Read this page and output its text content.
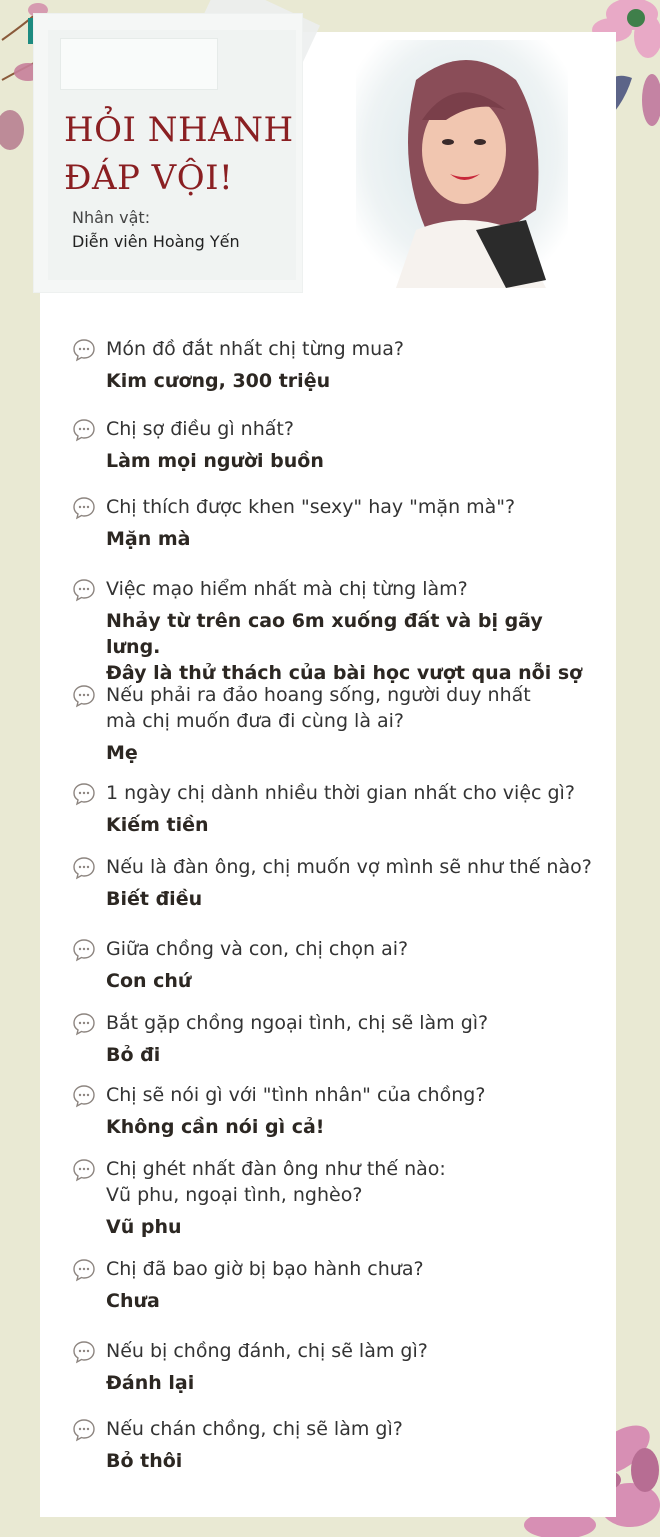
HỎI NHANH
ĐÁP VỘI!
Nhân vật:
Diễn viên Hoàng Yến
Món đồ đắt nhất chị từng mua?
Kim cương, 300 triệu
Chị sợ điều gì nhất?
Làm mọi người buồn
Chị thích được khen "sexy" hay "mặn mà"?
Mặn mà
Việc mạo hiểm nhất mà chị từng làm?
Nhảy từ trên cao 6m xuống đất và bị gãy lưng.
Đây là thử thách của bài học vượt qua nỗi sợ
Nếu phải ra đảo hoang sống, người duy nhất
mà chị muốn đưa đi cùng là ai?
Mẹ
1 ngày chị dành nhiều thời gian nhất cho việc gì?
Kiếm tiền
Nếu là đàn ông, chị muốn vợ mình sẽ như thế nào?
Biết điều
Giữa chồng và con, chị chọn ai?
Con chứ
Bắt gặp chồng ngoại tình, chị sẽ làm gì?
Bỏ đi
Chị sẽ nói gì với "tình nhân" của chồng?
Không cần nói gì cả!
Chị ghét nhất đàn ông như thế nào:
Vũ phu, ngoại tình, nghèo?
Vũ phu
Chị đã bao giờ bị bạo hành chưa?
Chưa
Nếu bị chồng đánh, chị sẽ làm gì?
Đánh lại
Nếu chán chồng, chị sẽ làm gì?
Bỏ thôi
